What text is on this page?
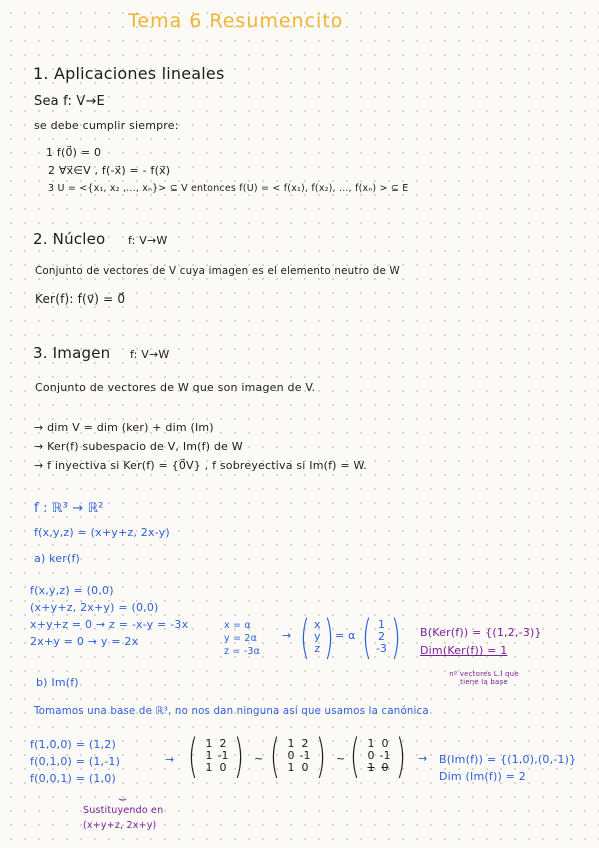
Tema 6 Resumencito
1. Aplicaciones lineales
Sea f: V→E
se debe cumplir siempre:
1 f(0⃗) = 0
2 ∀x⃗∈V , f(-x⃗) = - f(x⃗)
3 U = <{x₁, x₂ ,..., xₙ}> ⊆ V entonces f(U) = < f(x₁), f(x₂), ..., f(xₙ) > ⊆ E
2. Núcleo f: V→W
Conjunto de vectores de V cuya imagen es el elemento neutro de W
Ker(f): f(v⃗) = 0⃗
3. Imagen f: V→W
Conjunto de vectores de W que son imagen de V.
→ dim V = dim (ker) + dim (Im)
→ Ker(f) subespacio de V, Im(f) de W
→ f inyectiva si Ker(f) = {0⃗V} , f sobreyectiva si Im(f) = W.
f : ℝ³ → ℝ²
f(x,y,z) = (x+y+z, 2x-y)
a) ker(f)
f(x,y,z) = (0,0)
(x+y+z, 2x+y) = (0,0)
x+y+z = 0 → z = -x-y = -3x
2x+y = 0 → y = 2x
x = α
y = 2α
z = -3α
→ ( x
y
z ) = α ( 1
2
-3 ) B(Ker(f)) = {(1,2,-3)}
Dim(Ker(f)) = 1
nº vectores L.I que tiene la base
b) Im(f)
Tomamos una base de ℝ³, no nos dan ninguna así que usamos la canónica
f(1,0,0) = (1,2)
f(0,1,0) = (1,-1)
f(0,0,1) = (1,0)
→ ( 1 2
1 -1
1 0 ) ~ ( 1 2
0 -1
1 0 ) ~ ( 1 0
0 -1
1 0 ) → B(Im(f)) = {(1,0),(0,-1)}
Dim (Im(f)) = 2
⌣
Sustituyendo en
(x+y+z, 2x+y)
